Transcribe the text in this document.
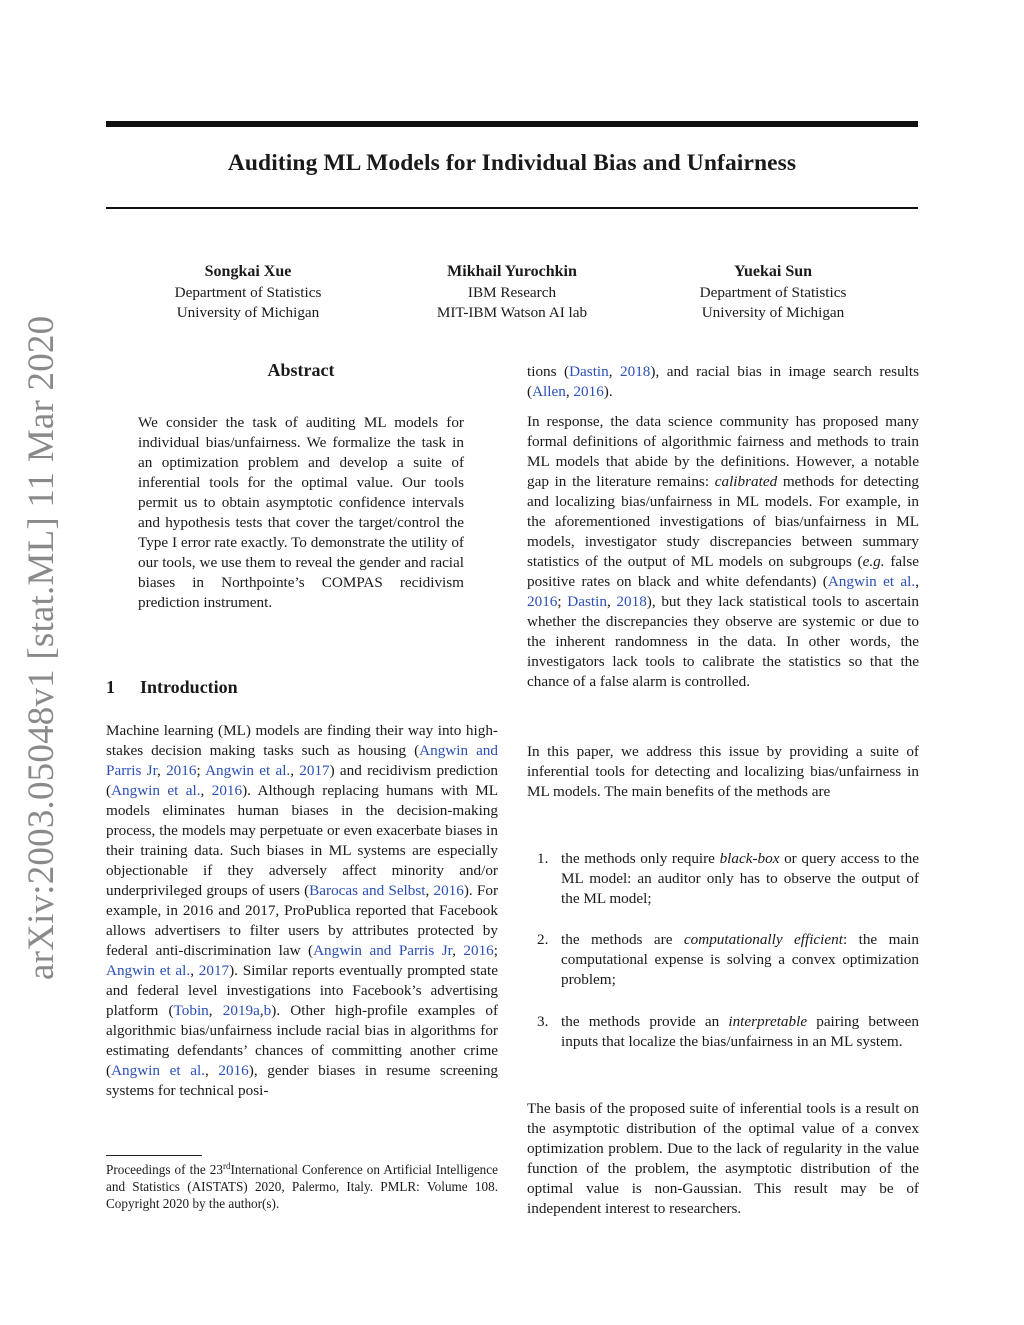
arXiv:2003.05048v1 [stat.ML] 11 Mar 2020
Auditing ML Models for Individual Bias and Unfairness
Songkai Xue
Department of Statistics
University of Michigan
Mikhail Yurochkin
IBM Research
MIT-IBM Watson AI lab
Yuekai Sun
Department of Statistics
University of Michigan
Abstract
We consider the task of auditing ML models for individual bias/unfairness. We formalize the task in an optimization problem and develop a suite of inferential tools for the optimal value. Our tools permit us to obtain asymptotic confidence intervals and hypothesis tests that cover the target/control the Type I error rate exactly. To demonstrate the utility of our tools, we use them to reveal the gender and racial biases in Northpointe’s COMPAS recidivism prediction instrument.
1 Introduction
Machine learning (ML) models are finding their way into high-stakes decision making tasks such as housing (Angwin and Parris Jr, 2016; Angwin et al., 2017) and recidivism prediction (Angwin et al., 2016). Although replacing humans with ML models eliminates human biases in the decision-making process, the models may perpetuate or even exacerbate biases in their training data. Such biases in ML systems are especially objectionable if they adversely affect minority and/or underprivileged groups of users (Barocas and Selbst, 2016). For example, in 2016 and 2017, ProPublica reported that Facebook allows advertisers to filter users by attributes protected by federal anti-discrimination law (Angwin and Parris Jr, 2016; Angwin et al., 2017). Similar reports eventually prompted state and federal level investigations into Facebook’s advertising platform (Tobin, 2019a,b). Other high-profile examples of algorithmic bias/unfairness include racial bias in algorithms for estimating defendants’ chances of committing another crime (Angwin et al., 2016), gender biases in resume screening systems for technical posi-
Proceedings of the 23rdInternational Conference on Artificial Intelligence and Statistics (AISTATS) 2020, Palermo, Italy. PMLR: Volume 108. Copyright 2020 by the author(s).
tions (Dastin, 2018), and racial bias in image search results (Allen, 2016).
In response, the data science community has proposed many formal definitions of algorithmic fairness and methods to train ML models that abide by the definitions. However, a notable gap in the literature remains: calibrated methods for detecting and localizing bias/unfairness in ML models. For example, in the aforementioned investigations of bias/unfairness in ML models, investigator study discrepancies between summary statistics of the output of ML models on subgroups (e.g. false positive rates on black and white defendants) (Angwin et al., 2016; Dastin, 2018), but they lack statistical tools to ascertain whether the discrepancies they observe are systemic or due to the inherent randomness in the data. In other words, the investigators lack tools to calibrate the statistics so that the chance of a false alarm is controlled.
In this paper, we address this issue by providing a suite of inferential tools for detecting and localizing bias/unfairness in ML models. The main benefits of the methods are
1. the methods only require black-box or query access to the ML model: an auditor only has to observe the output of the ML model;
2. the methods are computationally efficient: the main computational expense is solving a convex optimization problem;
3. the methods provide an interpretable pairing between inputs that localize the bias/unfairness in an ML system.
The basis of the proposed suite of inferential tools is a result on the asymptotic distribution of the optimal value of a convex optimization problem. Due to the lack of regularity in the value function of the problem, the asymptotic distribution of the optimal value is non-Gaussian. This result may be of independent interest to researchers.
